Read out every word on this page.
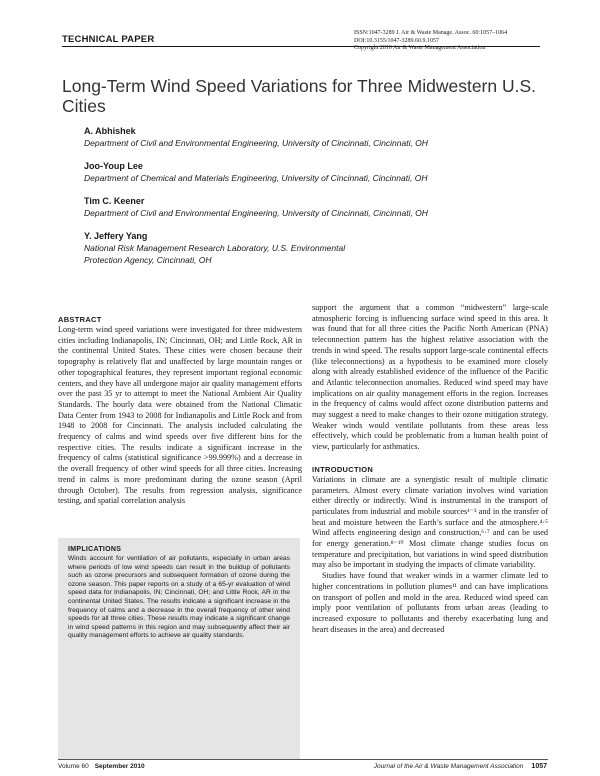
TECHNICAL PAPER
ISSN:1047-3289 J. Air & Waste Manage. Assoc. 60:1057–1064
DOI:10.3155/1047-3289.60.9.1057
Copyright 2010 Air & Waste Management Association
Long-Term Wind Speed Variations for Three Midwestern U.S. Cities
A. Abhishek
Department of Civil and Environmental Engineering, University of Cincinnati, Cincinnati, OH
Joo-Youp Lee
Department of Chemical and Materials Engineering, University of Cincinnati, Cincinnati, OH
Tim C. Keener
Department of Civil and Environmental Engineering, University of Cincinnati, Cincinnati, OH
Y. Jeffery Yang
National Risk Management Research Laboratory, U.S. Environmental Protection Agency, Cincinnati, OH
ABSTRACT

Long-term wind speed variations were investigated for three midwestern cities including Indianapolis, IN; Cincinnati, OH; and Little Rock, AR in the continental United States. These cities were chosen because their topography is relatively flat and unaffected by large mountain ranges or other topographical features, they represent important regional economic centers, and they have all undergone major air quality management efforts over the past 35 yr to attempt to meet the National Ambient Air Quality Standards. The hourly data were obtained from the National Climatic Data Center from 1943 to 2008 for Indianapolis and Little Rock and from 1948 to 2008 for Cincinnati. The analysis included calculating the frequency of calms and wind speeds over five different bins for the respective cities. The results indicate a significant increase in the frequency of calms (statistical significance >99.999%) and a decrease in the overall frequency of other wind speeds for all three cities. Increasing trend in calms is more predominant during the ozone season (April through October). The results from regression analysis, significance testing, and spatial correlation analysis

IMPLICATIONS
Winds account for ventilation of air pollutants, especially in urban areas where periods of low wind speeds can result in the buildup of pollutants such as ozone precursors and subsequent formation of ozone during the ozone season. This paper reports on a study of a 65-yr evaluation of wind speed data for Indianapolis, IN; Cincinnati, OH; and Little Rock, AR in the continental United States. The results indicate a significant increase in the frequency of calms and a decrease in the overall frequency of other wind speeds for all three cities. These results may indicate a significant change in wind speed patterns in this region and may subsequently affect their air quality management efforts to achieve air quality standards.

support the argument that a common “midwestern” large-scale atmospheric forcing is influencing surface wind speed in this area. It was found that for all three cities the Pacific North American (PNA) teleconnection pattern has the highest relative association with the trends in wind speed. The results support large-scale continental effects (like teleconnections) as a hypothesis to be examined more closely along with already established evidence of the influence of the Pacific and Atlantic teleconnection anomalies. Reduced wind speed may have implications on air quality management efforts in the region. Increases in the frequency of calms would affect ozone distribution patterns and may suggest a need to make changes to their ozone mitigation strategy. Weaker winds would ventilate pollutants from these areas less effectively, which could be problematic from a human health point of view, particularly for asthmatics.

INTRODUCTION

Variations in climate are a synergistic result of multiple climatic parameters. Almost every climate variation involves wind variation either directly or indirectly. Wind is instrumental in the transport of particulates from industrial and mobile sources¹⁻³ and in the transfer of heat and moisture between the Earth’s surface and the atmosphere.⁴·⁵ Wind affects engineering design and construction,⁶·⁷ and can be used for energy generation.⁸⁻¹⁰ Most climate change studies focus on temperature and precipitation, but variations in wind speed distribution may also be important in studying the impacts of climate variability.

Studies have found that weaker winds in a warmer climate led to higher concentrations in pollution plumes¹¹ and can have implications on transport of pollen and mold in the area. Reduced wind speed can imply poor ventilation of pollutants from urban areas (leading to increased exposure to pollutants and thereby exacerbating lung and heart diseases in the area) and decreased

Volume 60 September 2010	Journal of the Air & Waste Management Association 1057
